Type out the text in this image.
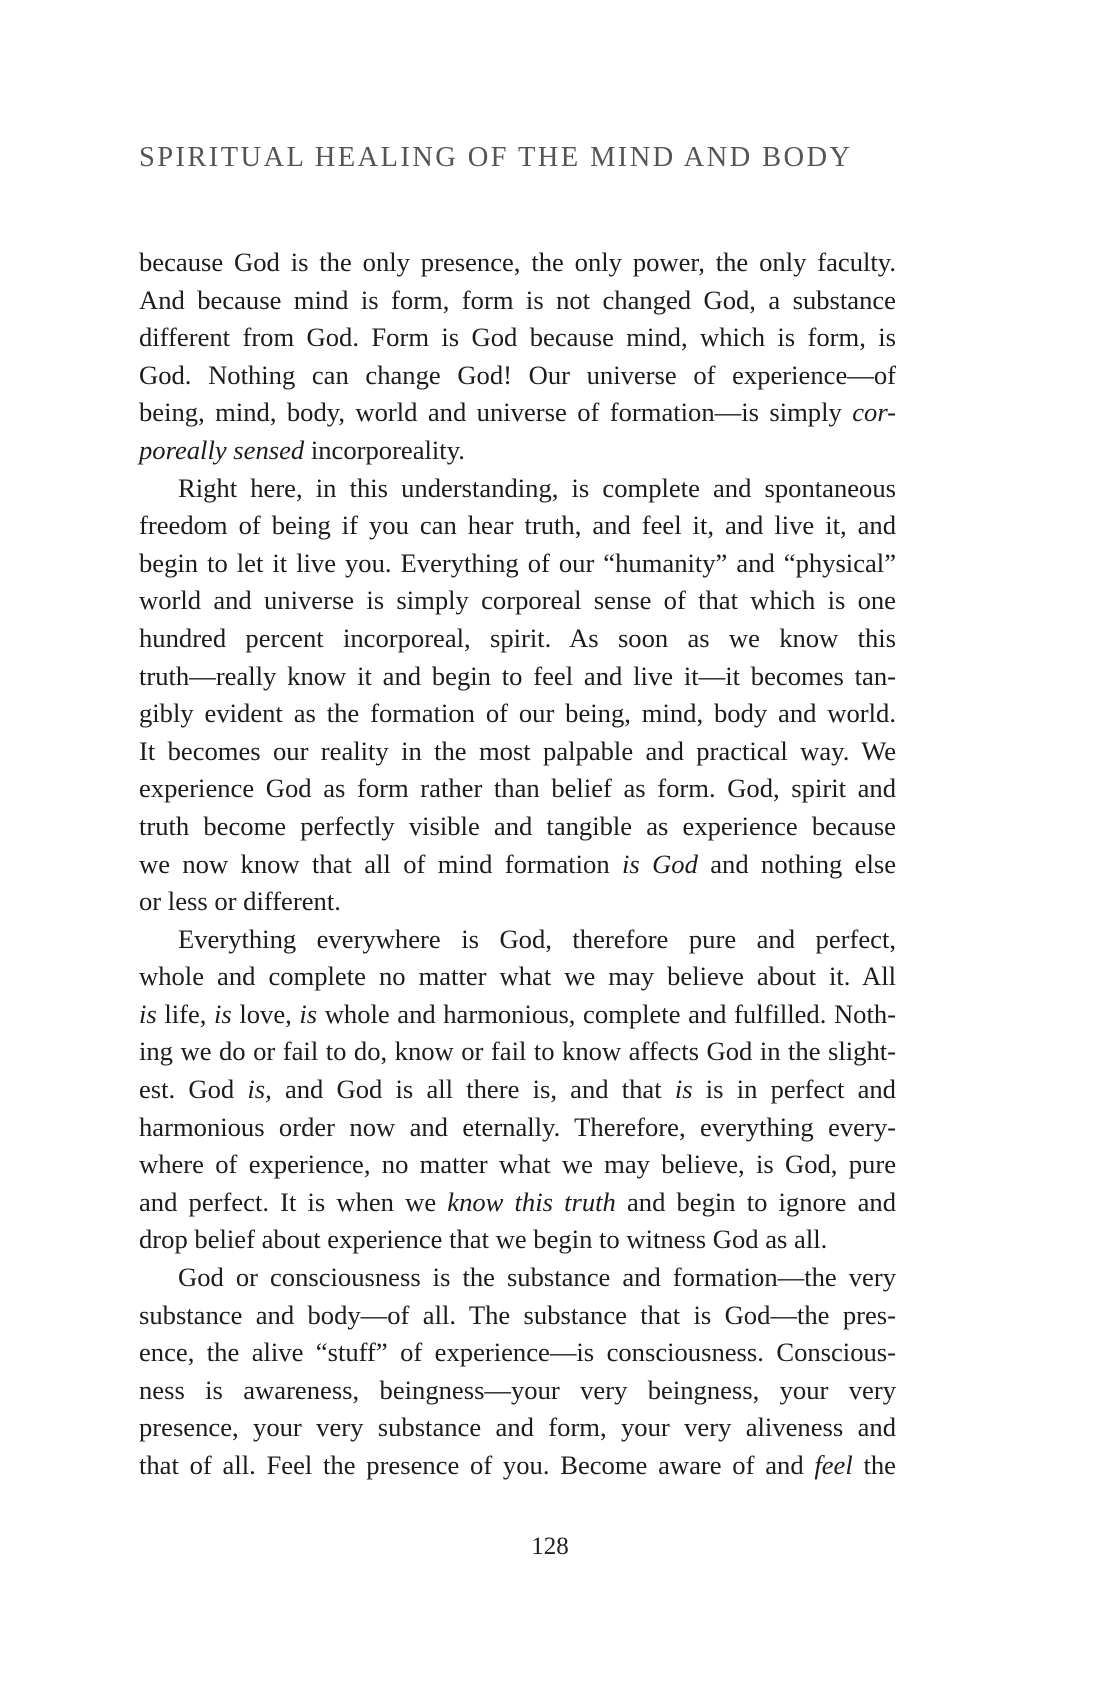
SPIRITUAL HEALING OF THE MIND AND BODY
because God is the only presence, the only power, the only faculty.
And because mind is form, form is not changed God, a substance
different from God. Form is God because mind, which is form, is
God. Nothing can change God! Our universe of experience—of
being, mind, body, world and universe of formation—is simply cor-
poreally sensed incorporeality.
Right here, in this understanding, is complete and spontaneous
freedom of being if you can hear truth, and feel it, and live it, and
begin to let it live you. Everything of our “humanity” and “physical”
world and universe is simply corporeal sense of that which is one
hundred percent incorporeal, spirit. As soon as we know this
truth—really know it and begin to feel and live it—it becomes tan-
gibly evident as the formation of our being, mind, body and world.
It becomes our reality in the most palpable and practical way. We
experience God as form rather than belief as form. God, spirit and
truth become perfectly visible and tangible as experience because
we now know that all of mind formation is God and nothing else
or less or different.
Everything everywhere is God, therefore pure and perfect,
whole and complete no matter what we may believe about it. All
is life, is love, is whole and harmonious, complete and fulfilled. Noth-
ing we do or fail to do, know or fail to know affects God in the slight-
est. God is, and God is all there is, and that is is in perfect and
harmonious order now and eternally. Therefore, everything every-
where of experience, no matter what we may believe, is God, pure
and perfect. It is when we know this truth and begin to ignore and
drop belief about experience that we begin to witness God as all.
God or consciousness is the substance and formation—the very
substance and body—of all. The substance that is God—the pres-
ence, the alive “stuff” of experience—is consciousness. Conscious-
ness is awareness, beingness—your very beingness, your very
presence, your very substance and form, your very aliveness and
that of all. Feel the presence of you. Become aware of and feel the
128
